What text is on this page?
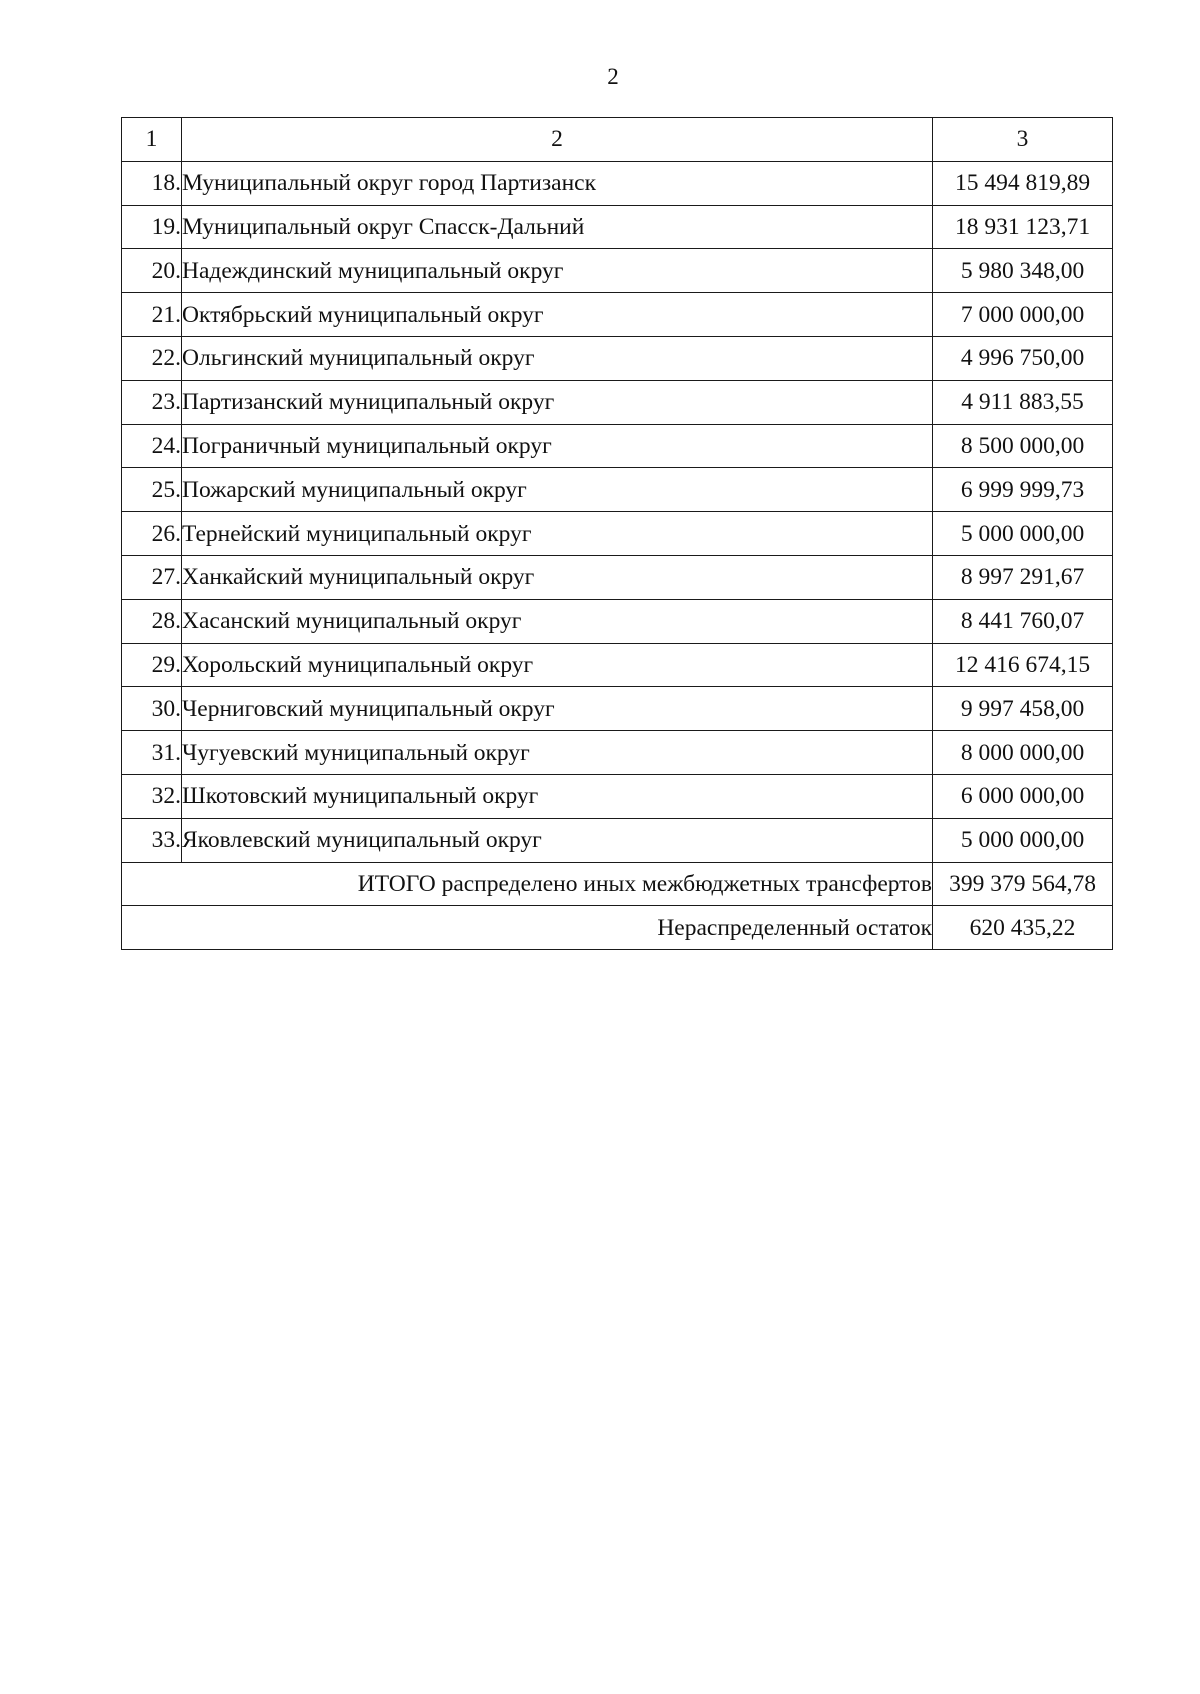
2
1	2	3
18.	Муниципальный округ город Партизанск	15 494 819,89
19.	Муниципальный округ Спасск-Дальний	18 931 123,71
20.	Надеждинский муниципальный округ	5 980 348,00
21.	Октябрьский муниципальный округ	7 000 000,00
22.	Ольгинский муниципальный округ	4 996 750,00
23.	Партизанский муниципальный округ	4 911 883,55
24.	Пограничный муниципальный округ	8 500 000,00
25.	Пожарский муниципальный округ	6 999 999,73
26.	Тернейский муниципальный округ	5 000 000,00
27.	Ханкайский муниципальный округ	8 997 291,67
28.	Хасанский муниципальный округ	8 441 760,07
29.	Хорольский муниципальный округ	12 416 674,15
30.	Черниговский муниципальный округ	9 997 458,00
31.	Чугуевский муниципальный округ	8 000 000,00
32.	Шкотовский муниципальный округ	6 000 000,00
33.	Яковлевский муниципальный округ	5 000 000,00
ИТОГО распределено иных межбюджетных трансфертов		399 379 564,78
Нераспределенный остаток		620 435,22
